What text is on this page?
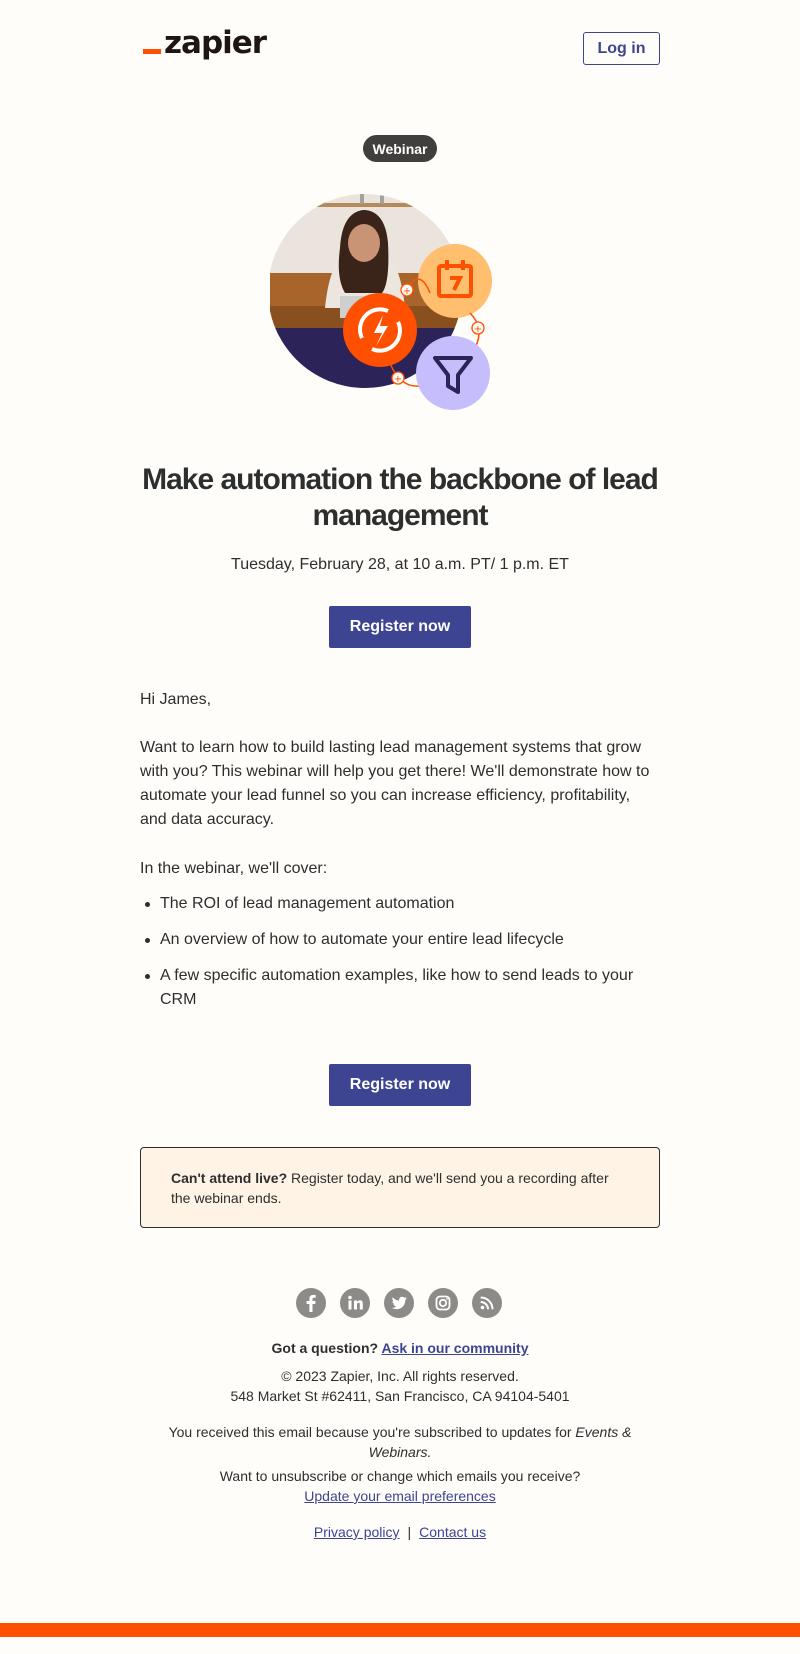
zapier	Log in
Webinar
+
+
+
Make automation the backbone of lead management
Tuesday, February 28, at 10 a.m. PT/ 1 p.m. ET
Register now
Hi James,
Want to learn how to build lasting lead management systems that grow with you? This webinar will help you get there! We'll demonstrate how to automate your lead funnel so you can increase efficiency, profitability, and data accuracy.
In the webinar, we'll cover:
The ROI of lead management automation
An overview of how to automate your entire lead lifecycle
A few specific automation examples, like how to send leads to your CRM
Register now
Can't attend live? Register today, and we'll send you a recording after the webinar ends.
Got a question? Ask in our community
© 2023 Zapier, Inc. All rights reserved.
548 Market St #62411, San Francisco, CA 94104-5401
You received this email because you're subscribed to updates for Events & Webinars.
Want to unsubscribe or change which emails you receive?
Update your email preferences
Privacy policy | Contact us
